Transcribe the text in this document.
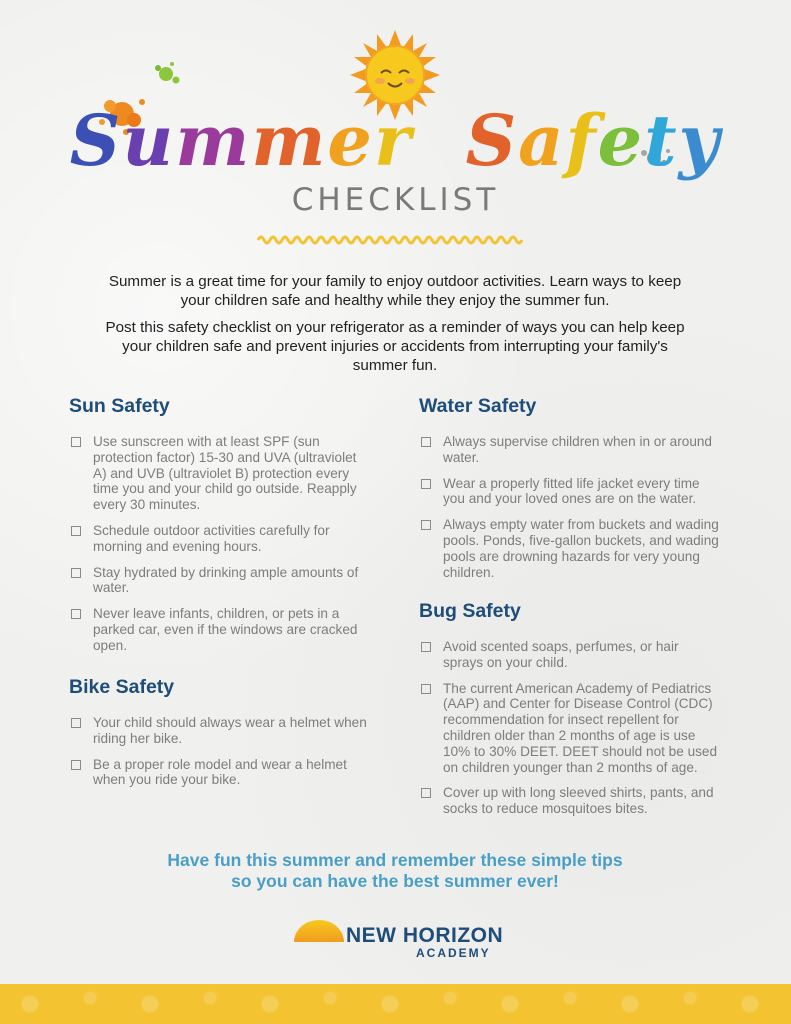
Summer Safety
CHECKLIST

Summer is a great time for your family to enjoy outdoor activities. Learn ways to keep your children safe and healthy while they enjoy the summer fun.

Post this safety checklist on your refrigerator as a reminder of ways you can help keep your children safe and prevent injuries or accidents from interrupting your family's summer fun.

Sun Safety
Use sunscreen with at least SPF (sun protection factor) 15-30 and UVA (ultraviolet A) and UVB (ultraviolet B) protection every time you and your child go outside. Reapply every 30 minutes.
Schedule outdoor activities carefully for morning and evening hours.
Stay hydrated by drinking ample amounts of water.
Never leave infants, children, or pets in a parked car, even if the windows are cracked open.
Bike Safety
Your child should always wear a helmet when riding her bike.
Be a proper role model and wear a helmet when you ride your bike.
Water Safety
Always supervise children when in or around water.
Wear a properly fitted life jacket every time you and your loved ones are on the water.
Always empty water from buckets and wading pools. Ponds, five-gallon buckets, and wading pools are drowning hazards for very young children.
Bug Safety
Avoid scented soaps, perfumes, or hair sprays on your child.
The current American Academy of Pediatrics (AAP) and Center for Disease Control (CDC) recommendation for insect repellent for children older than 2 months of age is use 10% to 30% DEET. DEET should not be used on children younger than 2 months of age.
Cover up with long sleeved shirts, pants, and socks to reduce mosquitoes bites.
Have fun this summer and remember these simple tips
so you can have the best summer ever!
NEW HORIZON
ACADEMY
